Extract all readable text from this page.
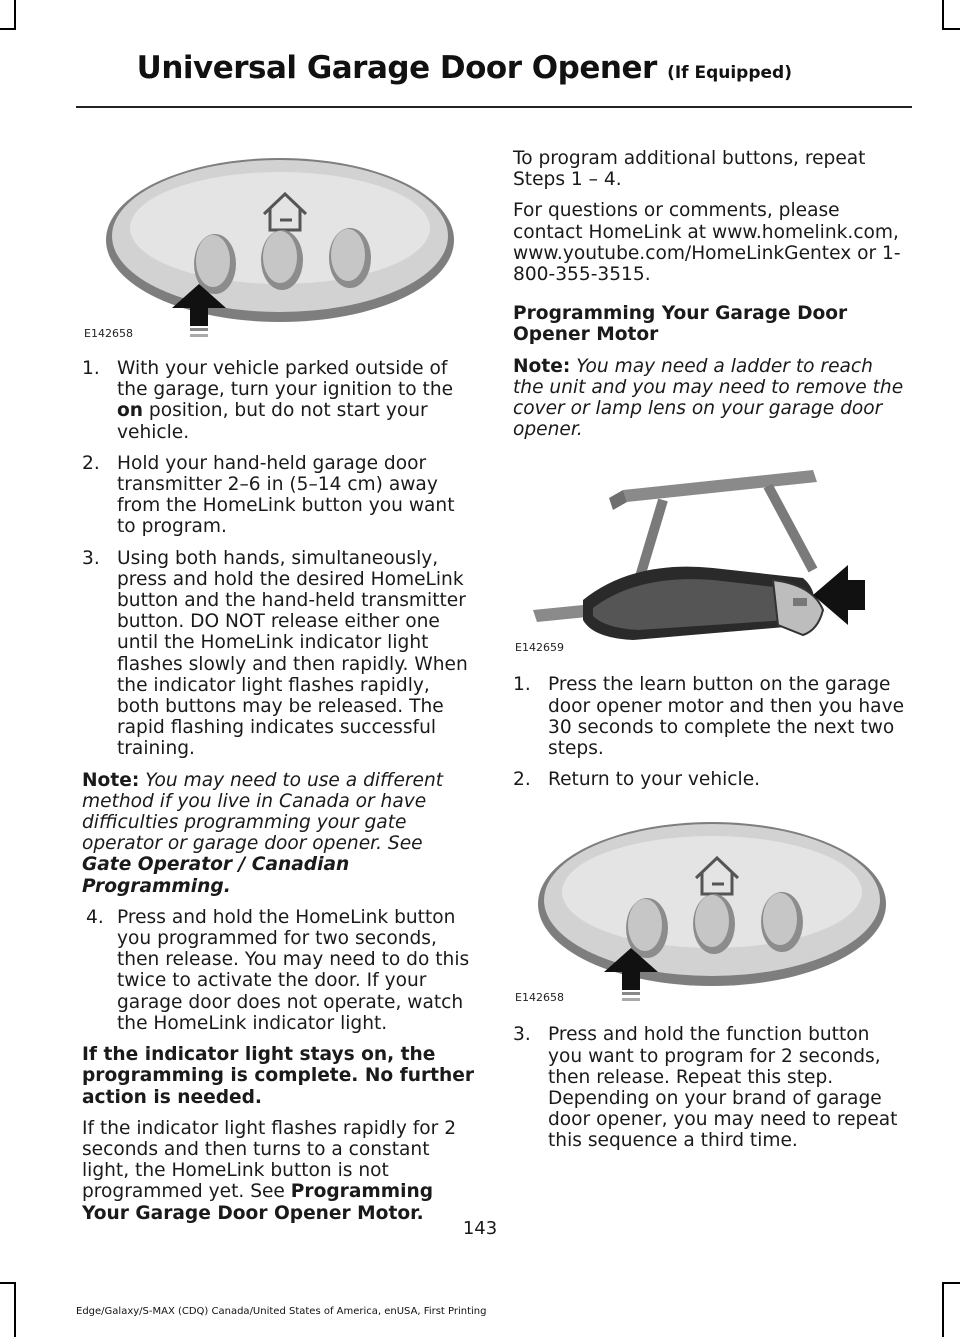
Universal Garage Door Opener (If Equipped)
E142658
1. With your vehicle parked outside of the garage, turn your ignition to the on position, but do not start your vehicle.
2. Hold your hand-held garage door transmitter 2–6 in (5–14 cm) away from the HomeLink button you want to program.
3. Using both hands, simultaneously, press and hold the desired HomeLink button and the hand-held transmitter button. DO NOT release either one until the HomeLink indicator light flashes slowly and then rapidly. When the indicator light flashes rapidly, both buttons may be released. The rapid flashing indicates successful training.

Note: You may need to use a different method if you live in Canada or have difficulties programming your gate operator or garage door opener. See Gate Operator / Canadian Programming.

4. Press and hold the HomeLink button you programmed for two seconds, then release. You may need to do this twice to activate the door. If your garage door does not operate, watch the HomeLink indicator light.

If the indicator light stays on, the programming is complete. No further action is needed.

If the indicator light flashes rapidly for 2 seconds and then turns to a constant light, the HomeLink button is not programmed yet. See Programming Your Garage Door Opener Motor.

To program additional buttons, repeat Steps 1 – 4.

For questions or comments, please contact HomeLink at www.homelink.com, www.youtube.com/HomeLinkGentex or 1-800-355-3515.

Programming Your Garage Door Opener Motor

Note: You may need a ladder to reach the unit and you may need to remove the cover or lamp lens on your garage door opener.

E142659
1. Press the learn button on the garage door opener motor and then you have 30 seconds to complete the next two steps.
2. Return to your vehicle.
E142658
3. Press and hold the function button you want to program for 2 seconds, then release. Repeat this step. Depending on your brand of garage door opener, you may need to repeat this sequence a third time.
143
Edge/Galaxy/S-MAX (CDQ) Canada/United States of America, enUSA, First Printing
